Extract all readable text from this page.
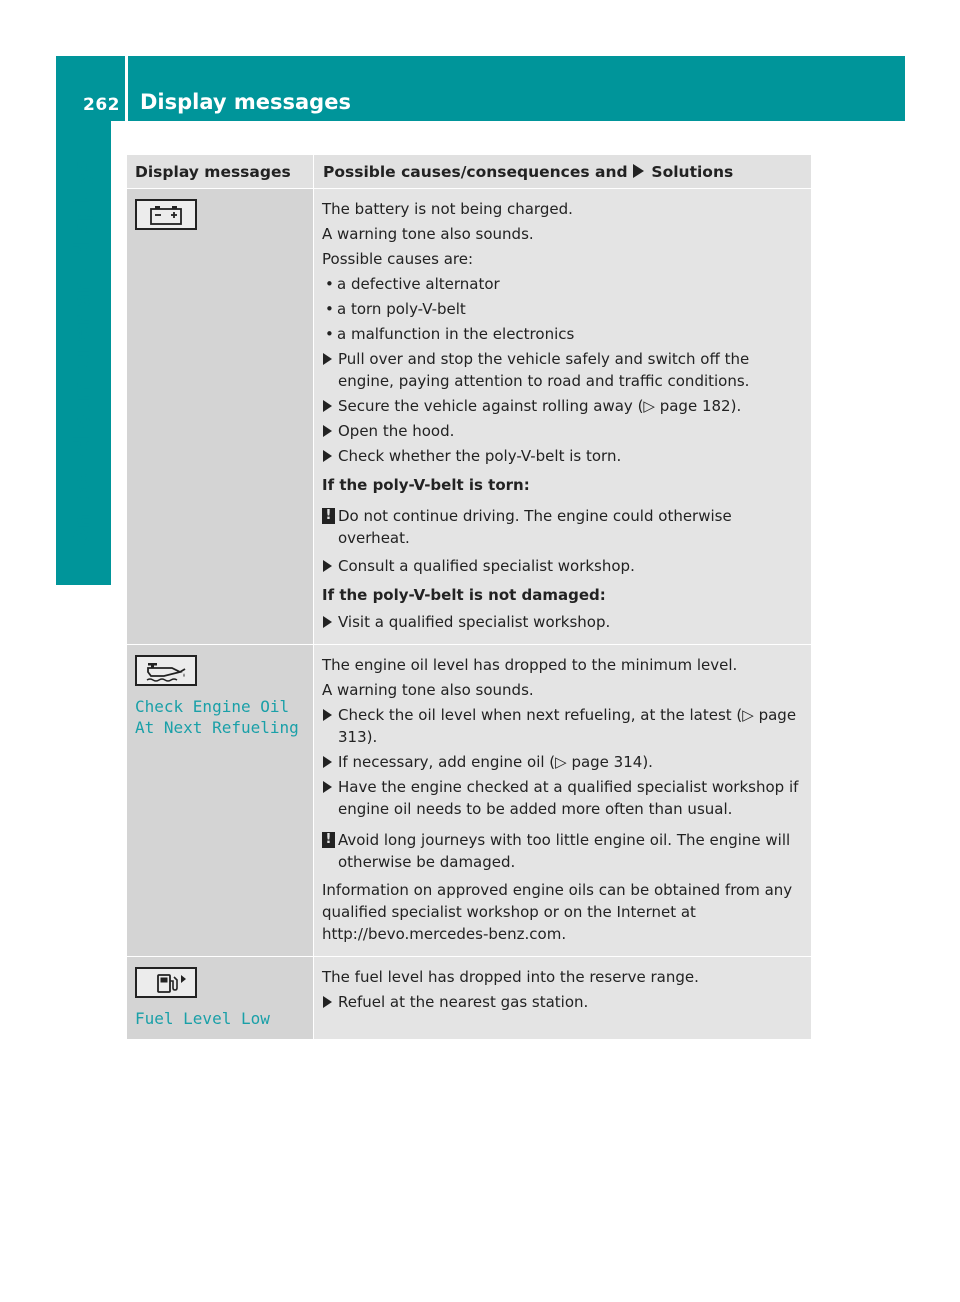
262 Display messages
On-board computer and displays	Display messages	Possible causes/consequences and Solutions
The battery is not being charged.
A warning tone also sounds.
Possible causes are:
• a defective alternator
• a torn poly-V-belt
• a malfunction in the electronics
Pull over and stop the vehicle safely and switch off the engine, paying attention to road and traffic conditions.
Secure the vehicle against rolling away (▷ page 182).
Open the hood.
Check whether the poly-V-belt is torn.
If the poly-V-belt is torn:
! Do not continue driving. The engine could otherwise overheat.
Consult a qualified specialist workshop.
If the poly-V-belt is not damaged:
Visit a qualified specialist workshop.
Check Engine Oil
At Next Refueling
The engine oil level has dropped to the minimum level.
A warning tone also sounds.
Check the oil level when next refueling, at the latest (▷ page 313).
If necessary, add engine oil (▷ page 314).
Have the engine checked at a qualified specialist workshop if engine oil needs to be added more often than usual.
! Avoid long journeys with too little engine oil. The engine will otherwise be damaged.
Information on approved engine oils can be obtained from any qualified specialist workshop or on the Internet at http://bevo.mercedes-benz.com.
Fuel Level Low
The fuel level has dropped into the reserve range.
Refuel at the nearest gas station.
